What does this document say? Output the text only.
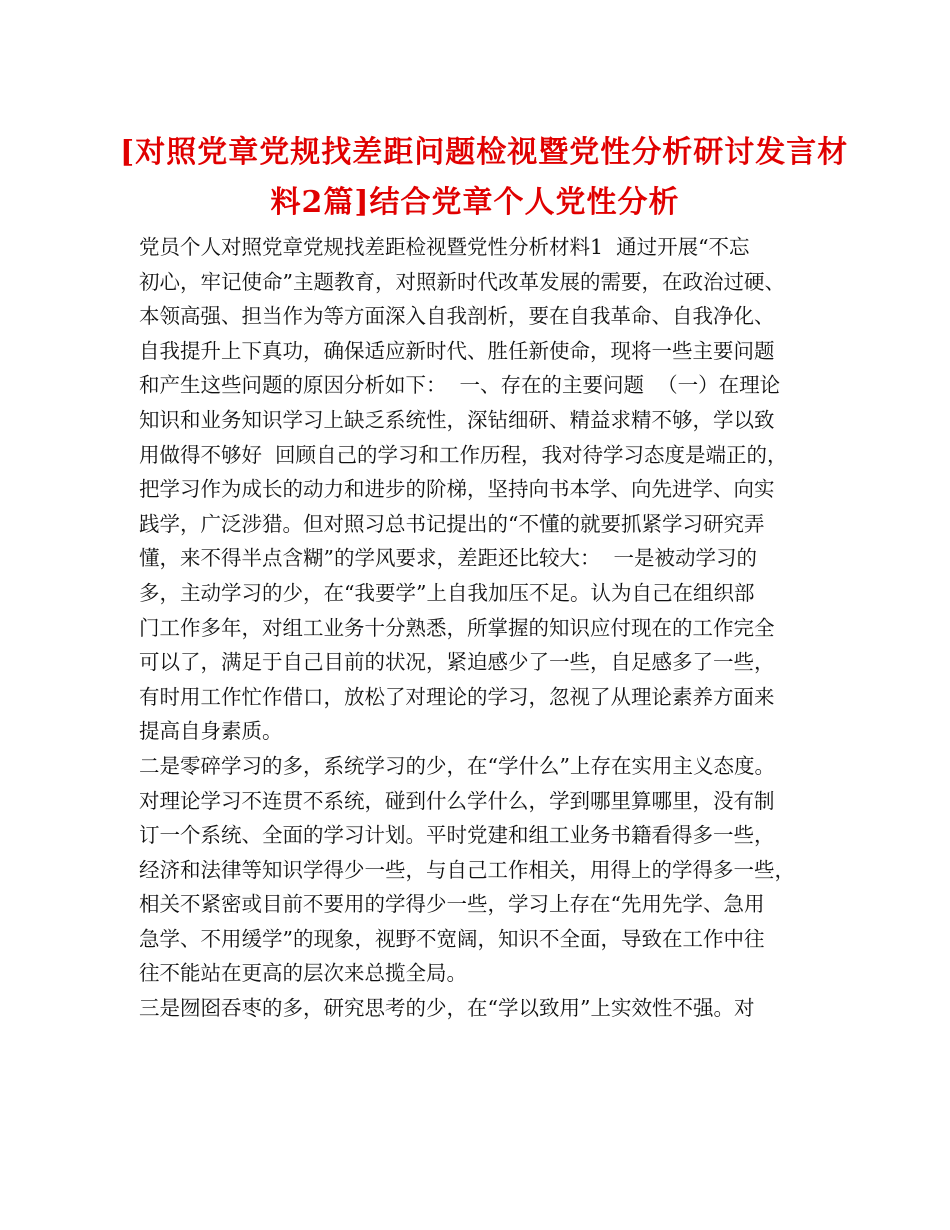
[对照党章党规找差距问题检视暨党性分析研讨发言材
料2篇]结合党章个人党性分析
党员个人对照党章党规找差距检视暨党性分析材料1  通过开展“不忘
初心，牢记使命”主题教育，对照新时代改革发展的需要，在政治过硬、
本领高强、担当作为等方面深入自我剖析，要在自我革命、自我净化、
自我提升上下真功，确保适应新时代、胜任新使命，现将一些主要问题
和产生这些问题的原因分析如下：  一、存在的主要问题  （一）在理论
知识和业务知识学习上缺乏系统性，深钻细研、精益求精不够，学以致
用做得不够好  回顾自己的学习和工作历程，我对待学习态度是端正的，
把学习作为成长的动力和进步的阶梯，坚持向书本学、向先进学、向实
践学，广泛涉猎。但对照习总书记提出的“不懂的就要抓紧学习研究弄
懂，来不得半点含糊”的学风要求，差距还比较大：  一是被动学习的
多，主动学习的少，在“我要学”上自我加压不足。认为自己在组织部
门工作多年，对组工业务十分熟悉，所掌握的知识应付现在的工作完全
可以了，满足于自己目前的状况，紧迫感少了一些，自足感多了一些，
有时用工作忙作借口，放松了对理论的学习，忽视了从理论素养方面来
提高自身素质。
二是零碎学习的多，系统学习的少，在“学什么”上存在实用主义态度。
对理论学习不连贯不系统，碰到什么学什么，学到哪里算哪里，没有制
订一个系统、全面的学习计划。平时党建和组工业务书籍看得多一些，
经济和法律等知识学得少一些，与自己工作相关，用得上的学得多一些，
相关不紧密或目前不要用的学得少一些，学习上存在“先用先学、急用
急学、不用缓学”的现象，视野不宽阔，知识不全面，导致在工作中往
往不能站在更高的层次来总揽全局。
三是囫囵吞枣的多，研究思考的少，在“学以致用”上实效性不强。对
